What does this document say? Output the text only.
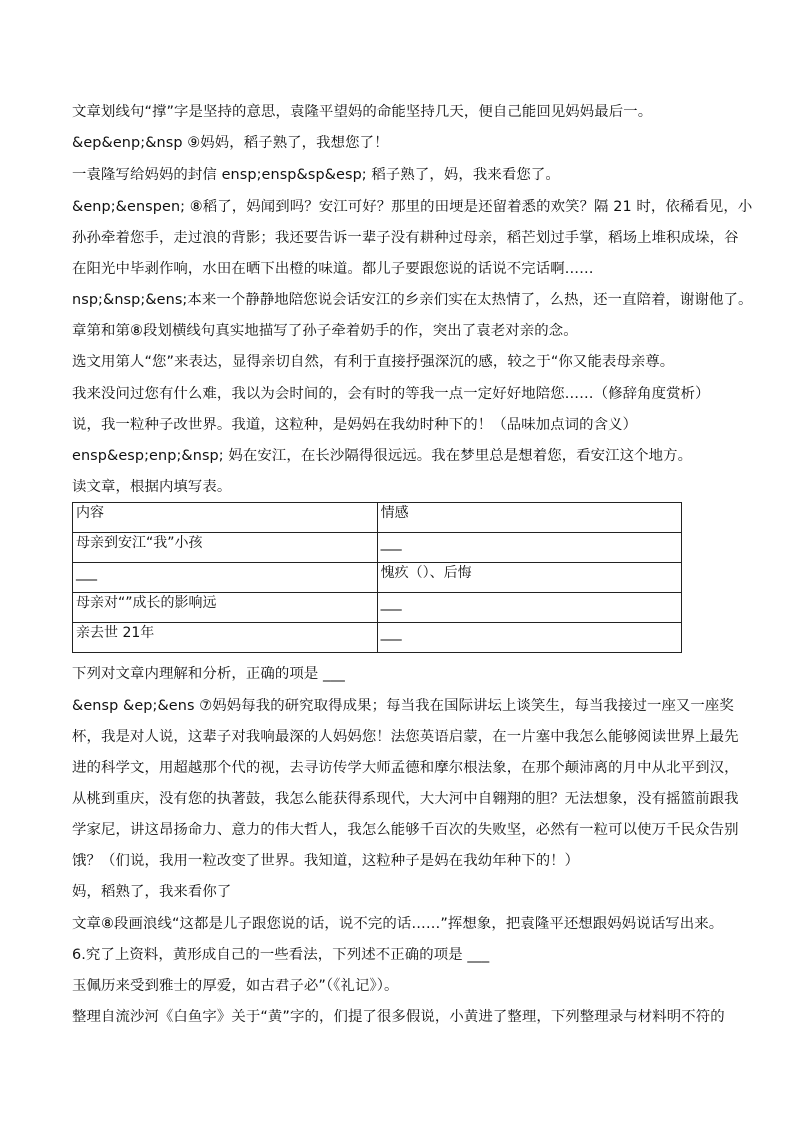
文章划线句“撑”字是坚持的意思，袁隆平望妈的命能坚持几天，便自己能回见妈妈最后一。
&ep&enp;&nsp ⑨妈妈，稻子熟了，我想您了！
一袁隆写给妈妈的封信 ensp;ensp&sp&esp; 稻子熟了，妈，我来看您了。
&enp;&enspen; ⑧稻了，妈闻到吗？安江可好？那里的田埂是还留着悉的欢笑？隔 21 时，依稀看见，小
孙孙牵着您手，走过浪的背影；我还要告诉一辈子没有耕种过母亲，稻芒划过手掌，稻场上堆积成垛，谷
在阳光中毕剥作响，水田在晒下出橙的味道。都儿子要跟您说的话说不完话啊……
nsp;&nsp;&ens;本来一个静静地陪您说会话安江的乡亲们实在太热情了，么热，还一直陪着，谢谢他了。
章第和第⑧段划横线句真实地描写了孙子牵着奶手的作，突出了袁老对亲的念。
选文用第人“您”来表达，显得亲切自然，有利于直接抒强深沉的感，较之于“你又能表母亲尊。
我来没问过您有什么难，我以为会时间的，会有时的等我一点一定好好地陪您……（修辞角度赏析）
说，我一粒种子改世界。我道，这粒种，是妈妈在我幼时种下的！（品味加点词的含义）
ensp&esp;enp;&nsp; 妈在安江，在长沙隔得很远远。我在梦里总是想着您，看安江这个地方。
读文章，根据内填写表。
内容	情感
母亲到安江“我”小孩	___
___	愧疚（）、后悔
母亲对“”成长的影响远	___
亲去世 21年	___
下列对文章内理解和分析，正确的项是 ___
&ensp &ep;&ens ⑦妈妈每我的研究取得成果；每当我在国际讲坛上谈笑生，每当我接过一座又一座奖
杯，我是对人说，这辈子对我响最深的人妈妈您！法您英语启蒙，在一片塞中我怎么能够阅读世界上最先
进的科学文，用超越那个代的视，去寻访传学大师孟德和摩尔根法象，在那个颠沛离的月中从北平到汉，
从桃到重庆，没有您的执著鼓，我怎么能获得系现代，大大河中自翱翔的胆？无法想象，没有摇篮前跟我
学家尼，讲这昂扬命力、意力的伟大哲人，我怎么能够千百次的失败坚，必然有一粒可以使万千民众告别
饿？（们说，我用一粒改变了世界。我知道，这粒种子是妈在我幼年种下的！）
妈，稻熟了，我来看你了
文章⑧段画浪线“这都是儿子跟您说的话，说不完的话……”挥想象，把袁隆平还想跟妈妈说话写出来。
6.究了上资料，黄形成自己的一些看法，下列述不正确的项是 ___
玉佩历来受到雅士的厚爱，如古君子必”（《礼记》）。
整理自流沙河《白鱼字》关于“黄”字的，们提了很多假说，小黄进了整理，下列整理录与材料明不符的
